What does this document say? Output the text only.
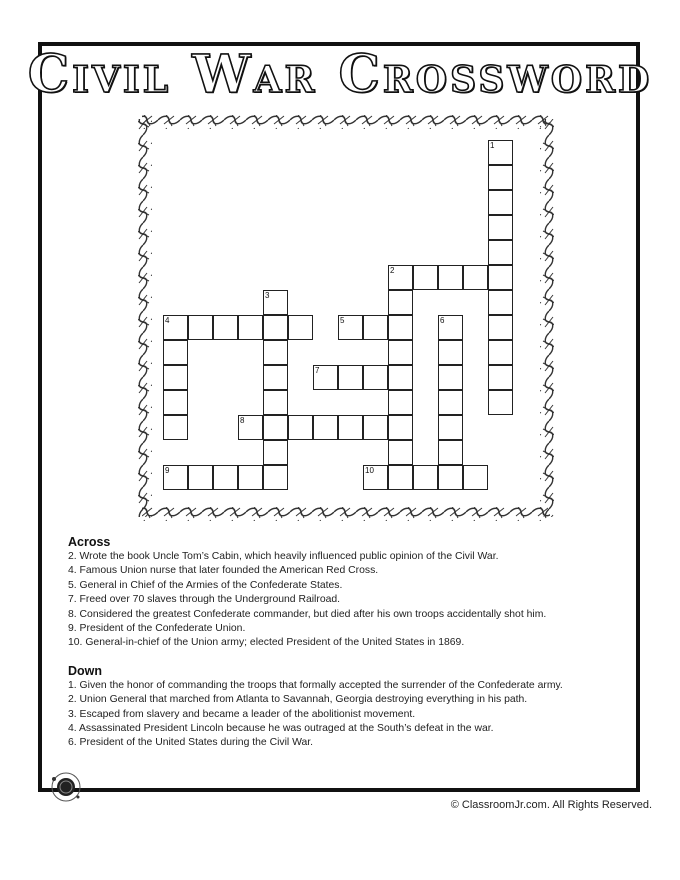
Civil War Crossword
1
2
3
4	5	6
7
8
9	10
Across
2. Wrote the book Uncle Tom’s Cabin, which heavily influenced public opinion of the Civil War.
4. Famous Union nurse that later founded the American Red Cross.
5. General in Chief of the Armies of the Confederate States.
7. Freed over 70 slaves through the Underground Railroad.
8. Considered the greatest Confederate commander, but died after his own troops accidentally shot him.
9. President of the Confederate Union.
10. General-in-chief of the Union army; elected President of the United States in 1869.
Down
1. Given the honor of commanding the troops that formally accepted the surrender of the Confederate army.
2. Union General that marched from Atlanta to Savannah, Georgia destroying everything in his path.
3. Escaped from slavery and became a leader of the abolitionist movement.
4. Assassinated President Lincoln because he was outraged at the South’s defeat in the war.
6. President of the United States during the Civil War.
© ClassroomJr.com. All Rights Reserved.
